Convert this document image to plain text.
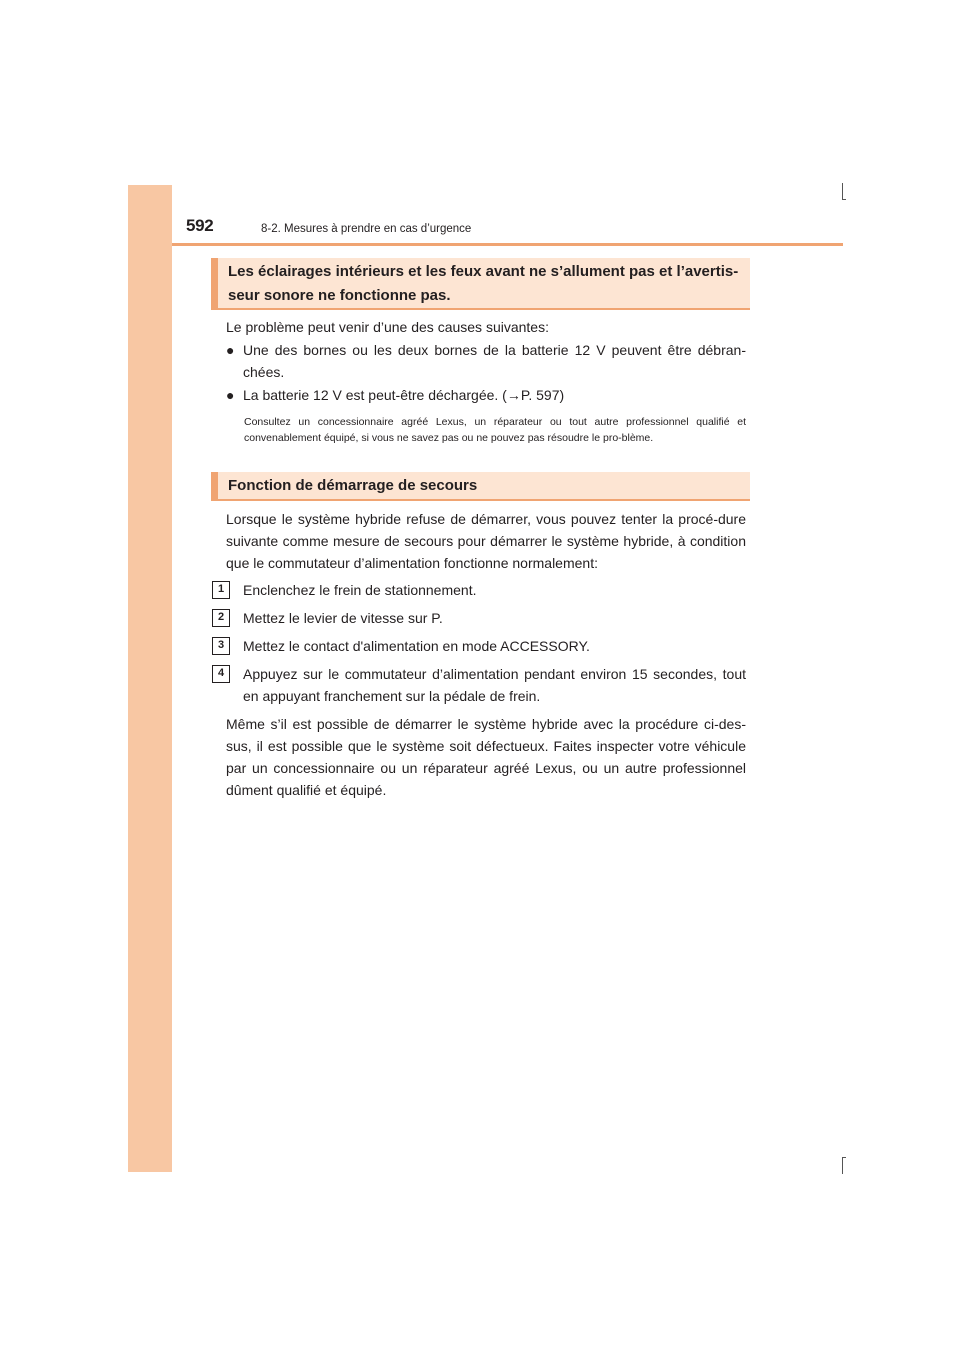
592	8-2. Mesures à prendre en cas d’urgence
Les éclairages intérieurs et les feux avant ne s’allument pas et l’avertis-
seur sonore ne fonctionne pas.
Le problème peut venir d’une des causes suivantes:
● Une des bornes ou les deux bornes de la batterie 12 V peuvent être débran-chées.
● La batterie 12 V est peut-être déchargée. (→P. 597)
Consultez un concessionnaire agréé Lexus, un réparateur ou tout autre professionnel qualifié et convenablement équipé, si vous ne savez pas ou ne pouvez pas résoudre le pro-blème.
Fonction de démarrage de secours
Lorsque le système hybride refuse de démarrer, vous pouvez tenter la procé-dure suivante comme mesure de secours pour démarrer le système hybride, à condition que le commutateur d’alimentation fonctionne normalement:
1	Enclenchez le frein de stationnement.
2	Mettez le levier de vitesse sur P.
3	Mettez le contact d'alimentation en mode ACCESSORY.
4	Appuyez sur le commutateur d’alimentation pendant environ 15 secondes, tout en appuyant franchement sur la pédale de frein.
Même s’il est possible de démarrer le système hybride avec la procédure ci-des-sus, il est possible que le système soit défectueux. Faites inspecter votre véhicule par un concessionnaire ou un réparateur agréé Lexus, ou un autre professionnel dûment qualifié et équipé.
